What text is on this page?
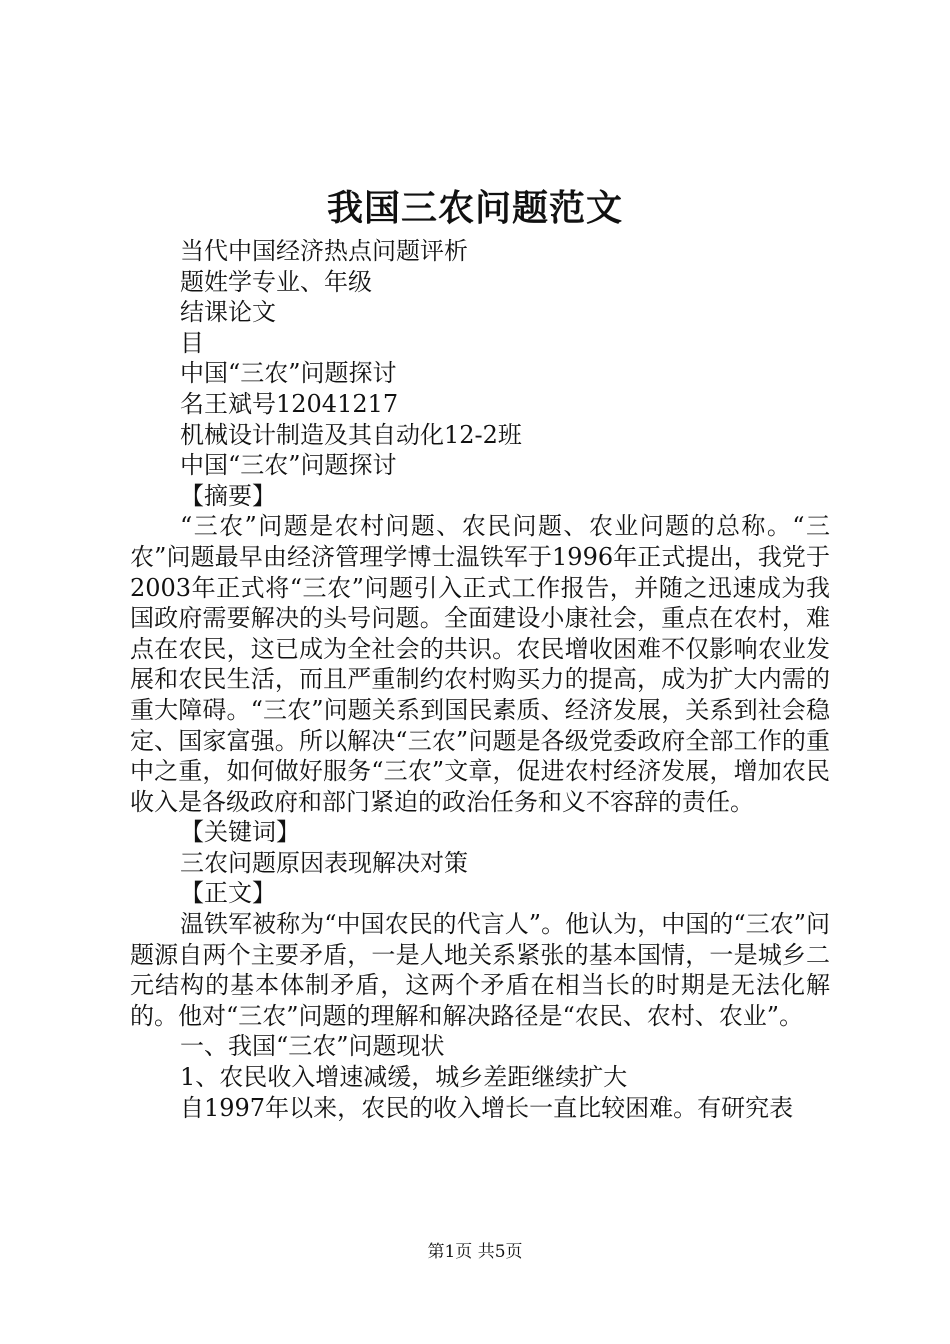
我国三农问题范文
当代中国经济热点问题评析
题姓学专业、年级
结课论文
目
中国“三农”问题探讨
名王斌号12041217
机械设计制造及其自动化12-2班
中国“三农”问题探讨
【摘要】
“三农”问题是农村问题、农民问题、农业问题的总称。“三农”问题最早由经济管理学博士温铁军于1996年正式提出，我党于2003年正式将“三农”问题引入正式工作报告，并随之迅速成为我国政府需要解决的头号问题。全面建设小康社会，重点在农村，难点在农民，这已成为全社会的共识。农民增收困难不仅影响农业发展和农民生活，而且严重制约农村购买力的提高，成为扩大内需的重大障碍。“三农”问题关系到国民素质、经济发展，关系到社会稳定、国家富强。所以解决“三农”问题是各级党委政府全部工作的重中之重，如何做好服务“三农”文章，促进农村经济发展，增加农民收入是各级政府和部门紧迫的政治任务和义不容辞的责任。
【关键词】
三农问题原因表现解决对策
【正文】
温铁军被称为“中国农民的代言人”。他认为，中国的“三农”问题源自两个主要矛盾，一是人地关系紧张的基本国情，一是城乡二元结构的基本体制矛盾，这两个矛盾在相当长的时期是无法化解的。他对“三农”问题的理解和解决路径是“农民、农村、农业”。
一、我国“三农”问题现状
1、农民收入增速减缓，城乡差距继续扩大
自1997年以来，农民的收入增长一直比较困难。有研究表
第1页 共5页
